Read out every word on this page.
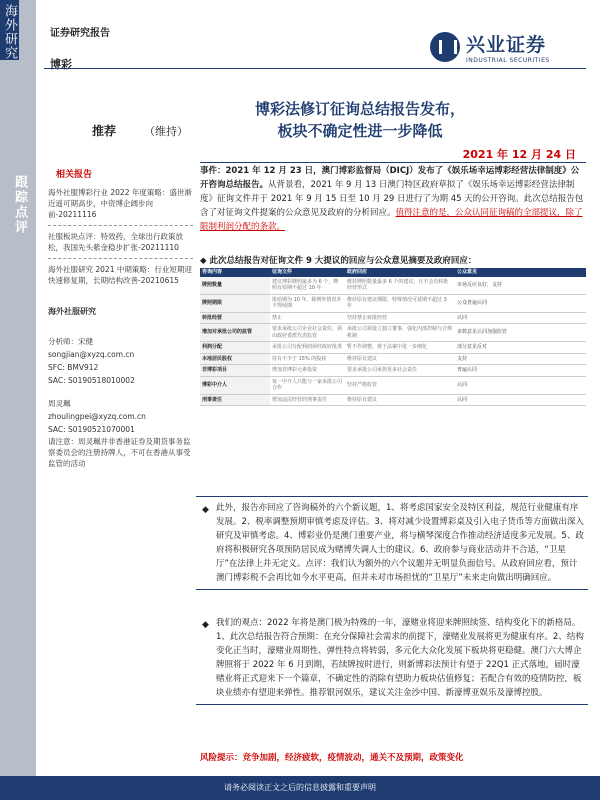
海外研究
跟踪点评
证券研究报告
博彩
兴业证券
INDUSTRIAL SECURITIES
博彩法修订征询总结报告发布，
板块不确定性进一步降低
推荐	（维持）
2021 年 12 月 24 日
相关报告
海外社服博彩行业 2022 年度策略：盛世渐近遥可期高步，中资博企阔步向前-20211116
社服板块点评：特效药，全球出行政策放松，我国先头紫金稳步扩张-20211110
海外社服研究 2021 中期策略：行业短期迎快速修复期，长期结构改善-20210615
海外社服研究
分析师：宋健
songjian@xyzq.com.cn
SFC: BMV912
SAC: S0190518010002
周灵珮
zhoulingpei@xyzq.com.cn
SAC: S0190521070001
请注意：周灵珮并非香港证券及期货事务监察委员会的注册持牌人，不可在香港从事受监管的活动
事件：2021 年 12 月 23 日，澳门博彩监督局（DICJ）发布了《娱乐场幸运博彩经营法律制度》公开咨询总结报告。从背景看，2021 年 9 月 13 日澳门特区政府草拟了《娱乐场幸运博彩经营法律制度》征询文件并于 2021 年 9 月 15 日至 10 月 29 日进行了为期 45 天的公开咨询。此次总结报告包含了对征询文件提案的公众意见及政府的分析回应。值得注意的是，公众认同征询稿的全部提议，除了限制利润分配的条款。
◆ 此次总结报告对征询文件 9 大提议的回应与公众意见摘要及政府回应：
咨询内容	征询文件	政府回应	公众意见
牌照数量	建议博彩牌照最多为 6 个，牌照有效期不超过 10 年	维持牌照数量最多 6 个的建议，且不会有转批经营形式	市场反应良好，支持
牌照期限	批给期为 10 年，除例外情况外不得续期	维持原有建议期限，特殊情况可延期不超过 3 年	公众普遍认同
转批经营	禁止	坚持禁止转批经营	认同
增加对承批公司的监管	要求承批公司企业社会责任，须由政府委派代表监管	承批公司须设立独立董事，强化内部控制与合规机制	多数意见认同加强监管
利润分配	承批公司分配利润须经政府批准	暂不作调整，将于法案中进一步细化	部分意见反对
本地居民股权	持有不少于 15% 的股权	维持原有建议	支持
非博彩项目	增加非博彩元素投资	要求承批公司承担更多社会责任	普遍认同
博彩中介人	每一中介人只能与一家承批公司合作	坚持严格监管	认同
刑事责任	增加违法经营的刑事责任	维持原有建议	认同
◆ 此外，报告亦回应了咨询稿外的六个新议题，1、将考虑国家安全及特区利益，规范行业健康有序发展。2、税率调整预期审慎考虑及评估。3、将对减少设置博彩桌及引入电子货币等方面做出深入研究及审慎考虑。4、博彩业仍是澳门重要产业，将与横琴深度合作推动经济适度多元发展。5、政府将积极研究各项预防居民成为赌博失调人士的建议。6、政府参与商业活动并不合适，“卫星厅”在法律上并无定义。点评：我们认为额外的六个议题并无明显负面信号。从政府回应看，预计澳门博彩税不会再比如今水平更高，但并未对市场担忧的“卫星厅”未来走向做出明确回应。
◆ 我们的观点：2022 年将是澳门极为特殊的一年，濠赌业将迎来牌照续签、结构变化下的新格局。1、此次总结报告符合预期：在充分保障社会需求的前提下，濠赌业发展将更为健康有序。2、结构变化正当时，濠赌业周期性、弹性特点将转弱，多元化大众化发展下板块将更稳健。澳门六大博企牌照将于 2022 年 6 月到期，若续牌按时进行，则新博彩法预计有望于 22Q1 正式落地，届时濠赌业将正式迎来下一个篇章，不确定性的消除有望助力板块估值修复；若配合有效的疫情防控，板块业绩亦有望迎来弹性。推荐银河娱乐，建议关注金沙中国、新濠博亚娱乐及濠博控股。
风险提示：竞争加剧，经济疲软，疫情波动，通关不及预期，政策变化
请务必阅读正文之后的信息披露和重要声明
